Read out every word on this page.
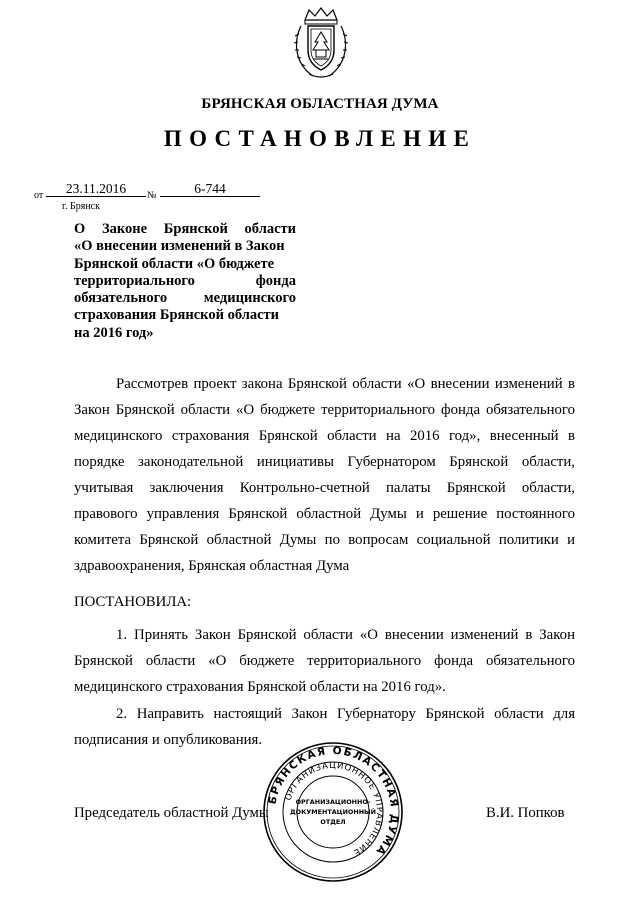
БРЯНСКАЯ ОБЛАСТНАЯ ДУМА
ПОСТАНОВЛЕНИЕ
от	23.11.2016	№	6-744
г. Брянск
О Законе Брянской области
«О внесении изменений в Закон
Брянской области «О бюджете
территориального фонда
обязательного медицинского
страхования Брянской области
на 2016 год»
Рассмотрев проект закона Брянской области «О внесении изменений в
Закон Брянской области «О бюджете территориального фонда обязательного
медицинского страхования Брянской области на 2016 год», внесенный в
порядке законодательной инициативы Губернатором Брянской области,
учитывая заключения Контрольно-счетной палаты Брянской области,
правового управления Брянской областной Думы и решение постоянного
комитета Брянской областной Думы по вопросам социальной политики и
здравоохранения, Брянская областная Дума
ПОСТАНОВИЛА:
1. Принять Закон Брянской области «О внесении изменений в Закон
Брянской области «О бюджете территориального фонда обязательного
медицинского страхования Брянской области на 2016 год».
2. Направить настоящий Закон Губернатору Брянской области для
подписания и опубликования.
БРЯНСКАЯ ОБЛАСТНАЯ ДУМА
ОРГАНИЗАЦИОННОЕ УПРАВЛЕНИЕ
ОРГАНИЗАЦИОННО-
ДОКУМЕНТАЦИОННЫЙ
ОТДЕЛ
Председатель областной Думы	В.И. Попков
